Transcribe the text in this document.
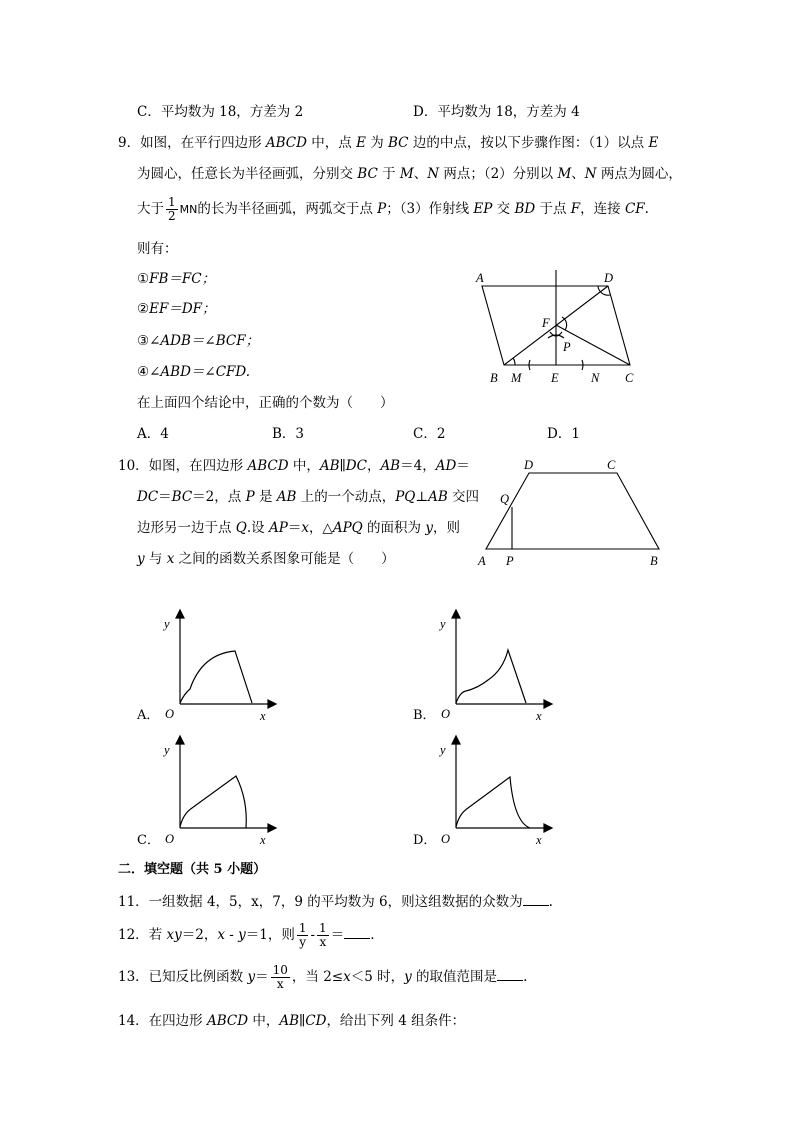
C．平均数为 18，方差为 2	D．平均数为 18，方差为 4
9．如图，在平行四边形 ABCD 中，点 E 为 BC 边的中点，按以下步骤作图：（1）以点 E
为圆心，任意长为半径画弧，分别交 BC 于 M、N 两点；（2）分别以 M、N 两点为圆心，
大于 $\frac{1}{2}$ MN的长为半径画弧，两弧交于点 P；（3）作射线 EP 交 BD 于点 F，连接 CF.
则有：
①FB＝FC；
②EF＝DF；
③∠ADB＝∠BCF；
④∠ABD＝∠CFD.
在上面四个结论中，正确的个数为（　　）
A．4	B．3	C．2	D．1
A	D
F
P
B M E	N C
10．如图，在四边形 ABCD 中，AB∥DC，AB＝4，AD＝
DC＝BC＝2，点 P 是 AB 上的一个动点，PQ⊥AB 交四
边形另一边于点 Q.设 AP＝x，△APQ 的面积为 y，则
y 与 x 之间的函数关系图象可能是（　　）
D	C
Q
A P	B
y
O	x
A．
y
O	x
B．
y
O	x
C．
y
O	x
D．
二．填空题（共 5 小题）
11．一组数据 4，5，x，7，9 的平均数为 6，则这组数据的众数为 .
12．若 xy＝2，x - y＝1，则 $\frac{1}{y} - \frac{1}{x}$ ＝ .
13．已知反比例函数 $y= \frac{10}{x}$ ，当 2≤x＜5 时，y 的取值范围是 .
14．在四边形 ABCD 中，AB∥CD，给出下列 4 组条件：
